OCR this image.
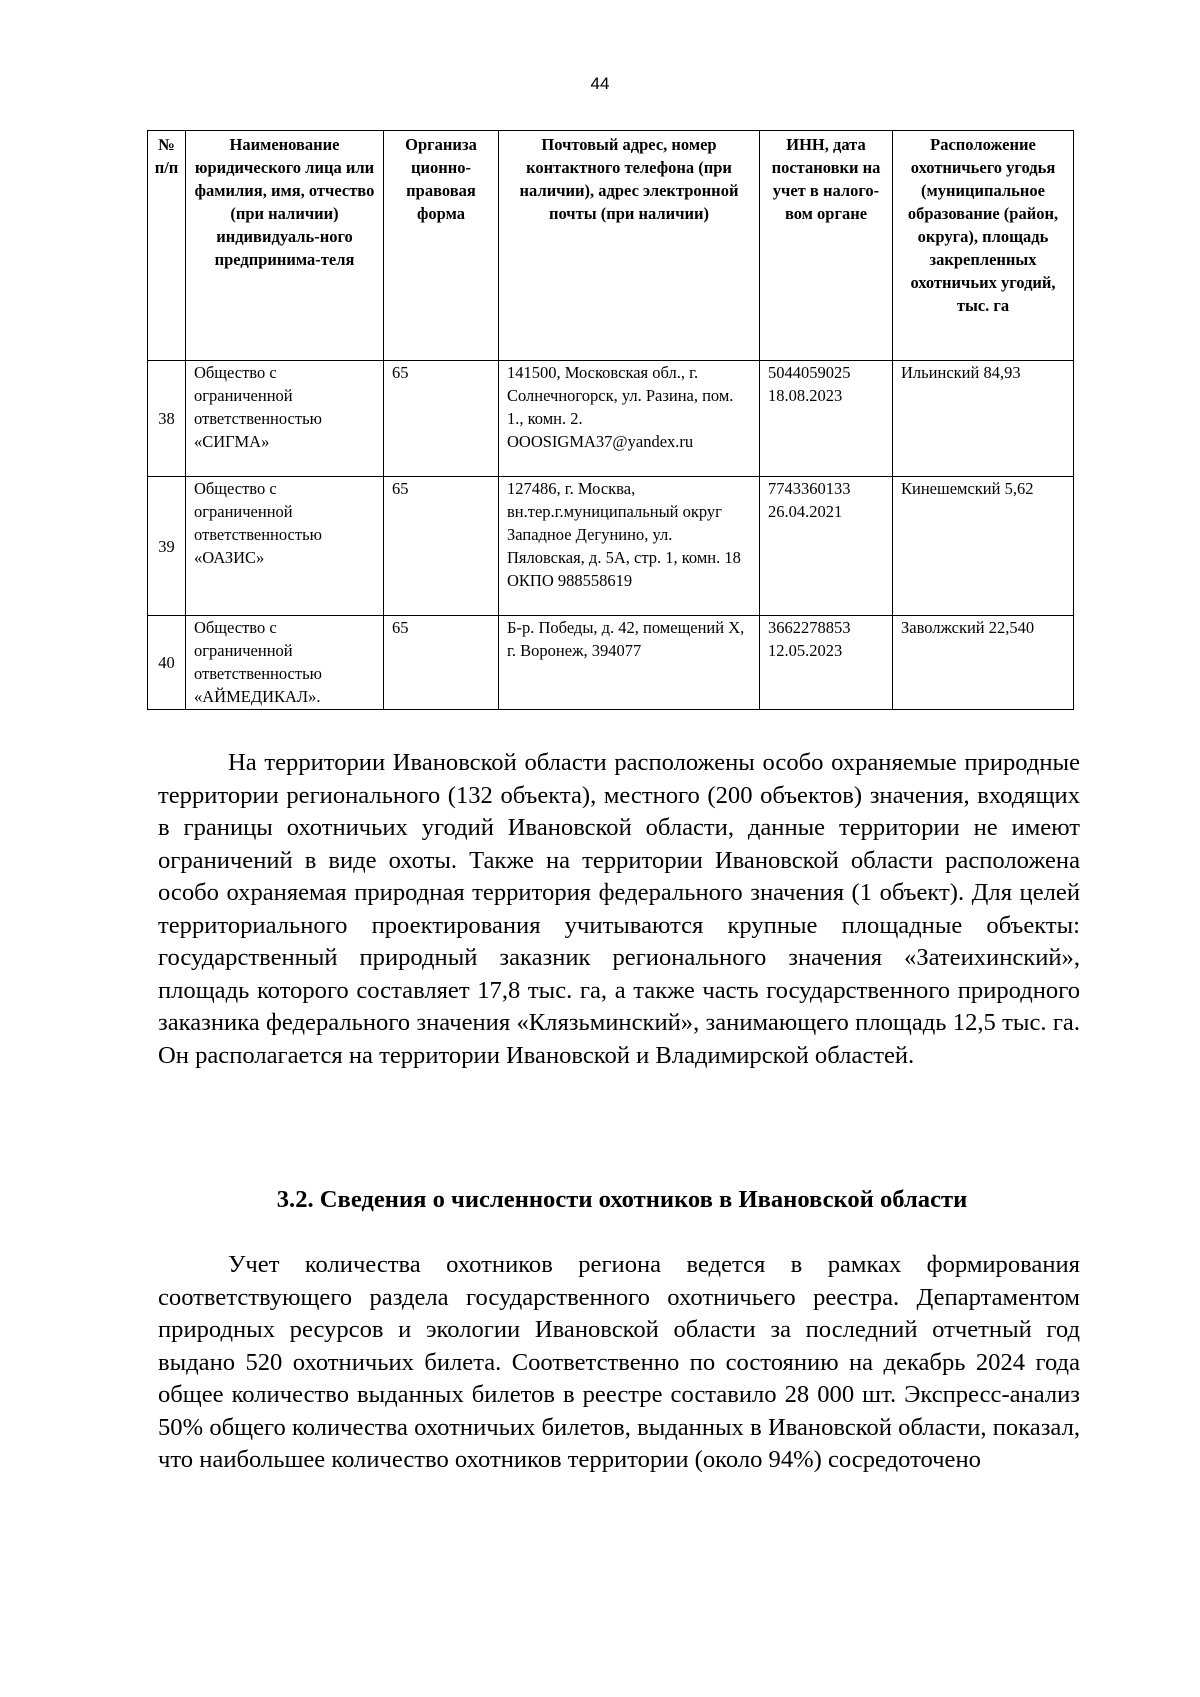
44
№ п/п	Наименование юридического лица или фамилия, имя, отчество (при наличии) индивидуаль-ного предпринима-теля	Организа ционно-правовая форма	Почтовый адрес, номер контактного телефона (при наличии), адрес электронной почты (при наличии)	ИНН, дата постановки на учет в налого-вом органе	Расположение охотничьего угодья (муниципальное образование (район, округа), площадь закрепленных охотничьих угодий, тыс. га
38	Общество с ограниченной ответственностью «СИГМА»	65	141500, Московская обл., г. Солнечногорск, ул. Разина, пом. 1., комн. 2. OOOSIGMA37@yandex.ru	5044059025 18.08.2023	Ильинский 84,93
39	Общество с ограниченной ответственностью «ОАЗИС»	65	127486, г. Москва, вн.тер.г.муниципальный округ Западное Дегунино, ул. Пяловская, д. 5А, стр. 1, комн. 18 ОКПО 988558619	7743360133 26.04.2021	Кинешемский 5,62
40	Общество с ограниченной ответственностью «АЙМЕДИКАЛ».	65	Б-р. Победы, д. 42, помещений Х, г. Воронеж, 394077	3662278853 12.05.2023	Заволжский 22,540

На территории Ивановской области расположены особо охраняемые природные территории регионального (132 объекта), местного (200 объектов) значения, входящих в границы охотничьих угодий Ивановской области, данные территории не имеют ограничений в виде охоты. Также на территории Ивановской области расположена особо охраняемая природная территория федерального значения (1 объект). Для целей территориального проектирования учитываются крупные площадные объекты: государственный природный заказник регионального значения «Затеихинский», площадь которого составляет 17,8 тыс. га, а также часть государственного природного заказника федерального значения «Клязьминский», занимающего площадь 12,5 тыс. га. Он располагается на территории Ивановской и Владимирской областей.

3.2. Сведения о численности охотников в Ивановской области

Учет количества охотников региона ведется в рамках формирования соответствующего раздела государственного охотничьего реестра. Департаментом природных ресурсов и экологии Ивановской области за последний отчетный год выдано 520 охотничьих билета. Соответственно по состоянию на декабрь 2024 года общее количество выданных билетов в реестре составило 28 000 шт. Экспресс-анализ 50% общего количества охотничьих билетов, выданных в Ивановской области, показал, что наибольшее количество охотников территории (около 94%) сосредоточено
